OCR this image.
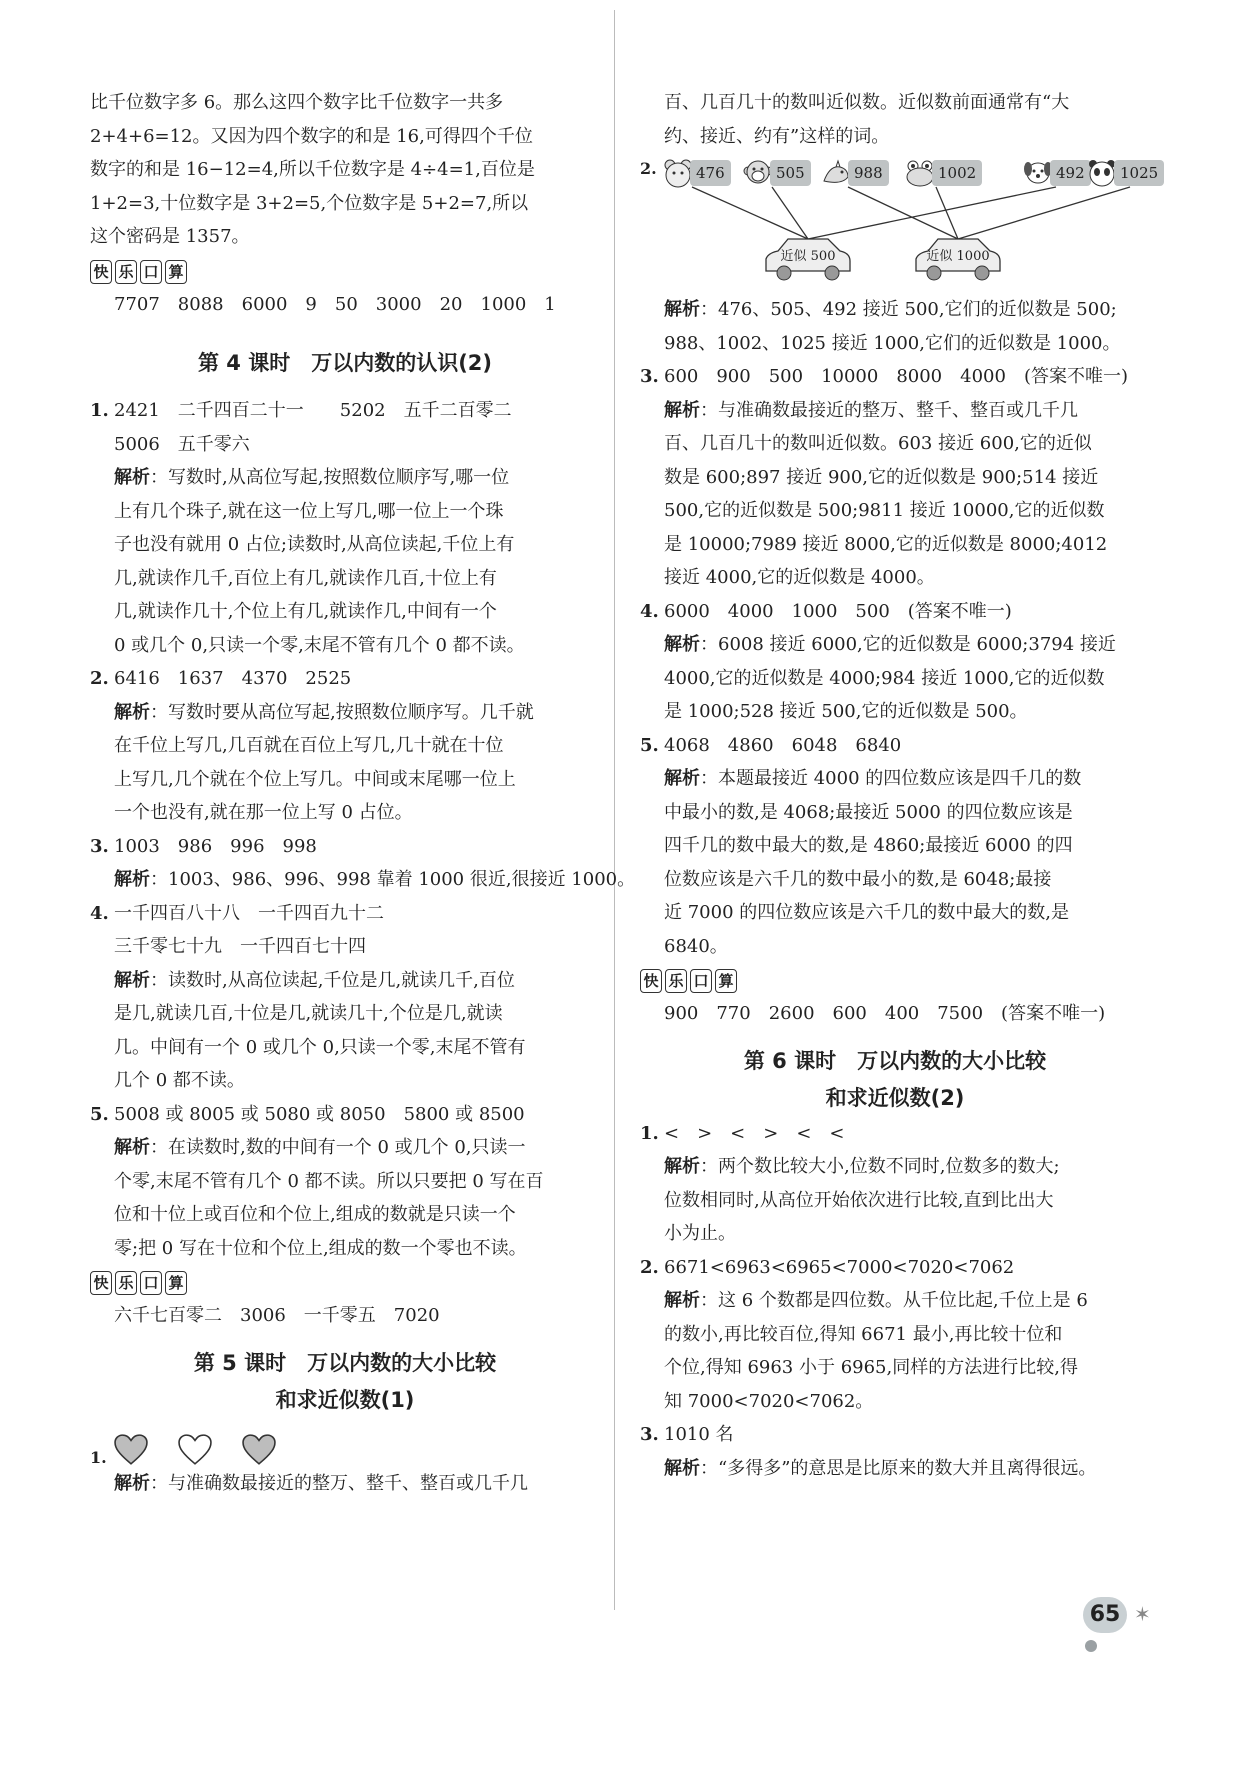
比千位数字多 6。那么这四个数字比千位数字一共多

2+4+6=12。又因为四个数字的和是 16,可得四个千位

数字的和是 16−12=4,所以千位数字是 4÷4=1,百位是

1+2=3,十位数字是 3+2=5,个位数字是 5+2=7,所以

这个密码是 1357。

快 乐 口 算

7707　8088　6000　9　50　3000　20　1000　1

第 4 课时　万以内数的认识(2)

1. 2421　二千四百二十一　　5202　五千二百零二

5006　五千零六

解析：写数时,从高位写起,按照数位顺序写,哪一位

上有几个珠子,就在这一位上写几,哪一位上一个珠

子也没有就用 0 占位;读数时,从高位读起,千位上有

几,就读作几千,百位上有几,就读作几百,十位上有

几,就读作几十,个位上有几,就读作几,中间有一个

0 或几个 0,只读一个零,末尾不管有几个 0 都不读。

2. 6416　1637　4370　2525

解析：写数时要从高位写起,按照数位顺序写。几千就

在千位上写几,几百就在百位上写几,几十就在十位

上写几,几个就在个位上写几。中间或末尾哪一位上

一个也没有,就在那一位上写 0 占位。

3. 1003　986　996　998

解析：1003、986、996、998 靠着 1000 很近,很接近 1000。

4. 一千四百八十八　一千四百九十二

三千零七十九　一千四百七十四

解析：读数时,从高位读起,千位是几,就读几千,百位

是几,就读几百,十位是几,就读几十,个位是几,就读

几。中间有一个 0 或几个 0,只读一个零,末尾不管有

几个 0 都不读。

5. 5008 或 8005 或 5080 或 8050　5800 或 8500

解析：在读数时,数的中间有一个 0 或几个 0,只读一

个零,末尾不管有几个 0 都不读。所以只要把 0 写在百

位和十位上或百位和个位上,组成的数就是只读一个

零;把 0 写在十位和个位上,组成的数一个零也不读。

快 乐 口 算

六千七百零二　3006　一千零五　7020

第 5 课时　万以内数的大小比较
和求近似数(1)
1.

解析：与准确数最接近的整万、整千、整百或几千几

百、几百几十的数叫近似数。近似数前面通常有“大

约、接近、约有”这样的词。

2.	476	505	988	1002	492	1025
近似 500	近似 1000

解析：476、505、492 接近 500,它们的近似数是 500;

988、1002、1025 接近 1000,它们的近似数是 1000。

3. 600　900　500　10000　8000　4000　(答案不唯一)

解析：与准确数最接近的整万、整千、整百或几千几

百、几百几十的数叫近似数。603 接近 600,它的近似

数是 600;897 接近 900,它的近似数是 900;514 接近

500,它的近似数是 500;9811 接近 10000,它的近似数

是 10000;7989 接近 8000,它的近似数是 8000;4012

接近 4000,它的近似数是 4000。

4. 6000　4000　1000　500　(答案不唯一)

解析：6008 接近 6000,它的近似数是 6000;3794 接近

4000,它的近似数是 4000;984 接近 1000,它的近似数

是 1000;528 接近 500,它的近似数是 500。

5. 4068　4860　6048　6840

解析：本题最接近 4000 的四位数应该是四千几的数

中最小的数,是 4068;最接近 5000 的四位数应该是

四千几的数中最大的数,是 4860;最接近 6000 的四

位数应该是六千几的数中最小的数,是 6048;最接

近 7000 的四位数应该是六千几的数中最大的数,是

6840。

快 乐 口 算

900　770　2600　600　400　7500　(答案不唯一)

第 6 课时　万以内数的大小比较
和求近似数(2)

1. <　>　<　>　<　<

解析：两个数比较大小,位数不同时,位数多的数大;

位数相同时,从高位开始依次进行比较,直到比出大

小为止。

2. 6671<6963<6965<7000<7020<7062

解析：这 6 个数都是四位数。从千位比起,千位上是 6

的数小,再比较百位,得知 6671 最小,再比较十位和

个位,得知 6963 小于 6965,同样的方法进行比较,得

知 7000<7020<7062。

3. 1010 名

解析：“多得多”的意思是比原来的数大并且离得很远。

65 ✶
